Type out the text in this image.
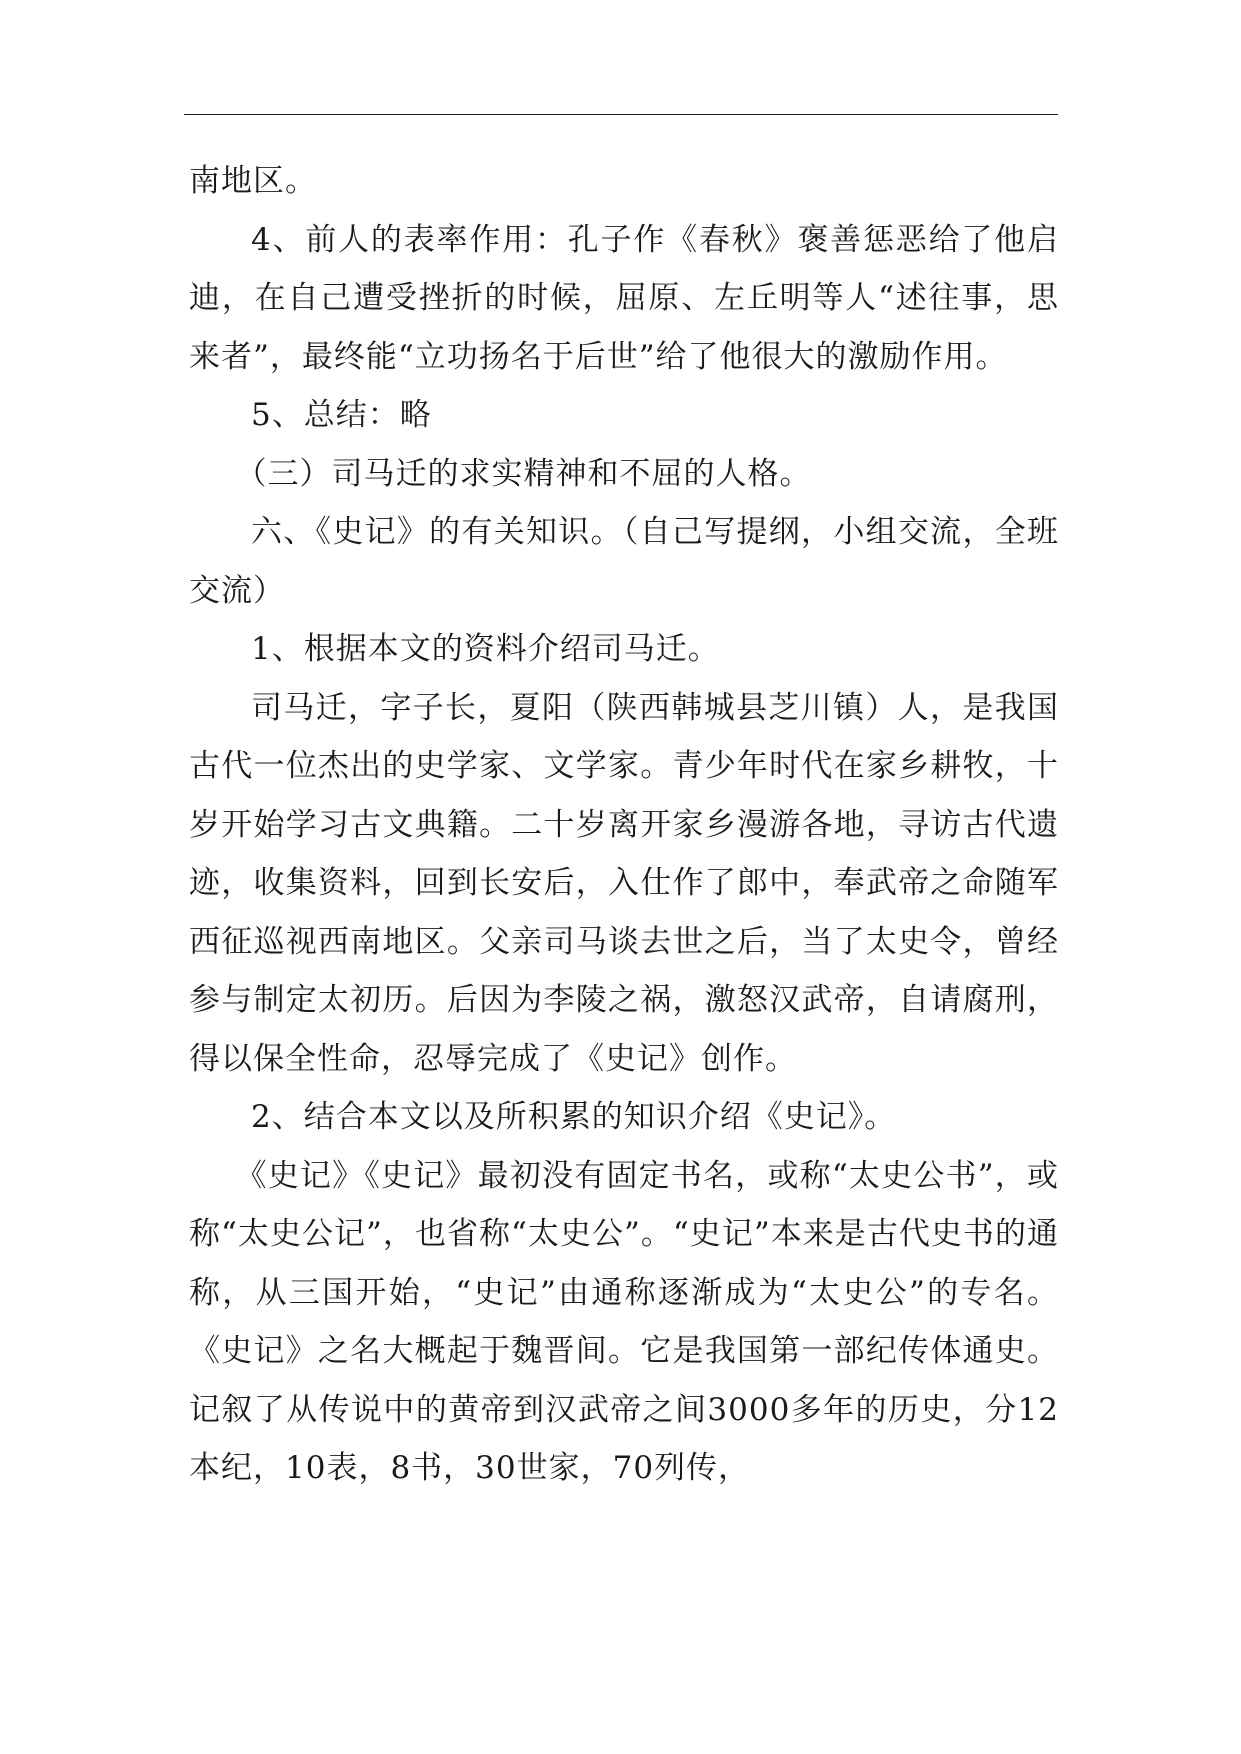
南地区。

4、前人的表率作用：孔子作《春秋》褒善惩恶给了他启迪，在自己遭受挫折的时候，屈原、左丘明等人“述往事，思来者”，最终能“立功扬名于后世”给了他很大的激励作用。

5、总结：略

（三）司马迁的求实精神和不屈的人格。

六、《史记》的有关知识。（自己写提纲，小组交流，全班交流）

1、根据本文的资料介绍司马迁。

司马迁，字子长，夏阳（陕西韩城县芝川镇）人，是我国古代一位杰出的史学家、文学家。青少年时代在家乡耕牧，十岁开始学习古文典籍。二十岁离开家乡漫游各地，寻访古代遗迹，收集资料，回到长安后，入仕作了郎中，奉武帝之命随军西征巡视西南地区。父亲司马谈去世之后，当了太史令，曾经参与制定太初历。后因为李陵之祸，激怒汉武帝，自请腐刑，得以保全性命，忍辱完成了《史记》创作。

2、结合本文以及所积累的知识介绍《史记》。

《史记》《史记》最初没有固定书名，或称“太史公书”，或称“太史公记”，也省称“太史公”。“史记”本来是古代史书的通称，从三国开始，“史记”由通称逐渐成为“太史公”的专名。《史记》之名大概起于魏晋间。它是我国第一部纪传体通史。记叙了从传说中的黄帝到汉武帝之间3000多年的历史，分12本纪，10表，8书，30世家，70列传，
